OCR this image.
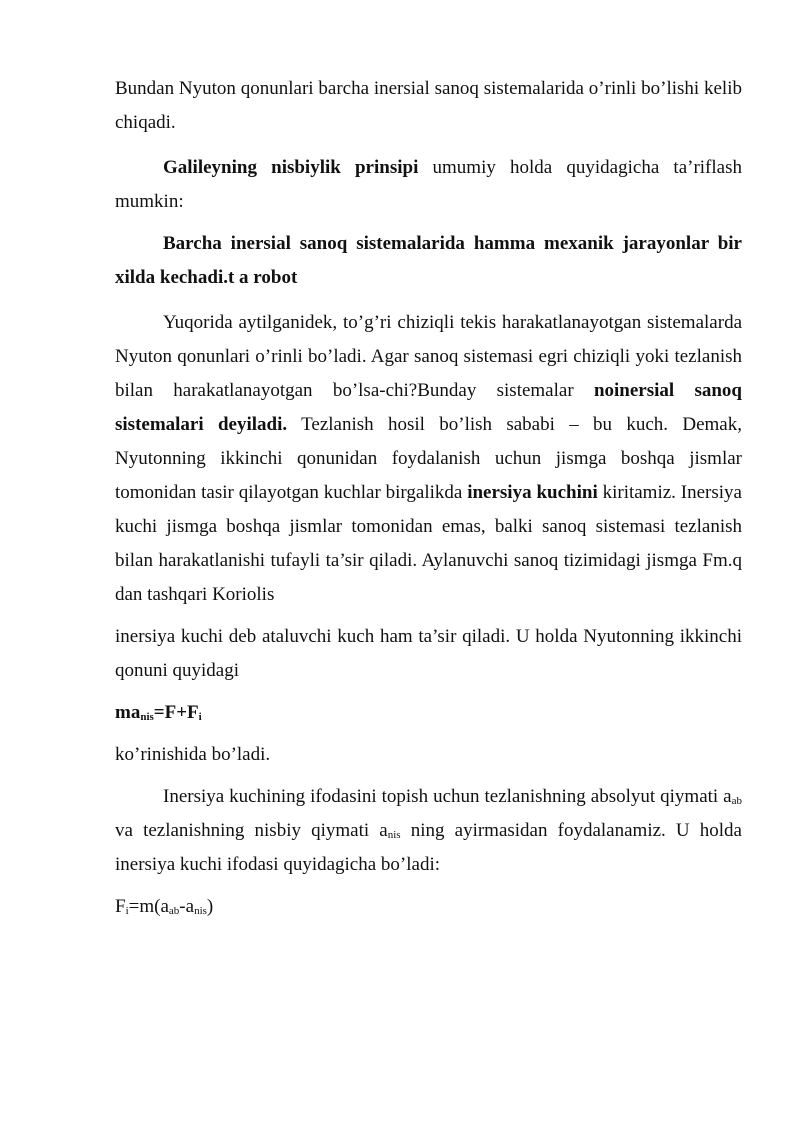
Bundan Nyuton qonunlari barcha inersial sanoq sistemalarida o’rinli bo’lishi kelib chiqadi.

Galileyning nisbiylik prinsipi umumiy holda quyidagicha ta’riflash mumkin:

Barcha inersial sanoq sistemalarida hamma mexanik jarayonlar bir xilda kechadi.t a robot

Yuqorida aytilganidek, to’g’ri chiziqli tekis harakatlanayotgan sistemalarda Nyuton qonunlari o’rinli bo’ladi. Agar sanoq sistemasi egri chiziqli yoki tezlanish bilan harakatlanayotgan bo’lsa-chi?Bunday sistemalar noinersial sanoq sistemalari deyiladi. Tezlanish hosil bo’lish sababi – bu kuch. Demak, Nyutonning ikkinchi qonunidan foydalanish uchun jismga boshqa jismlar tomonidan tasir qilayotgan kuchlar birgalikda inersiya kuchini kiritamiz. Inersiya kuchi jismga boshqa jismlar tomonidan emas, balki sanoq sistemasi tezlanish bilan harakatlanishi tufayli ta’sir qiladi. Aylanuvchi sanoq tizimidagi jismga Fm.q dan tashqari Koriolis

inersiya kuchi deb ataluvchi kuch ham ta’sir qiladi. U holda Nyutonning ikkinchi qonuni quyidagi

$ma_{nis}=F+F_i$

ko’rinishida bo’ladi.

Inersiya kuchining ifodasini topish uchun tezlanishning absolyut qiymati $a_{ab}$ va tezlanishning nisbiy qiymati $a_{nis}$ ning ayirmasidan foydalanamiz. U holda inersiya kuchi ifodasi quyidagicha bo’ladi:

$F_i=m(a_{ab}-a_{nis})$
